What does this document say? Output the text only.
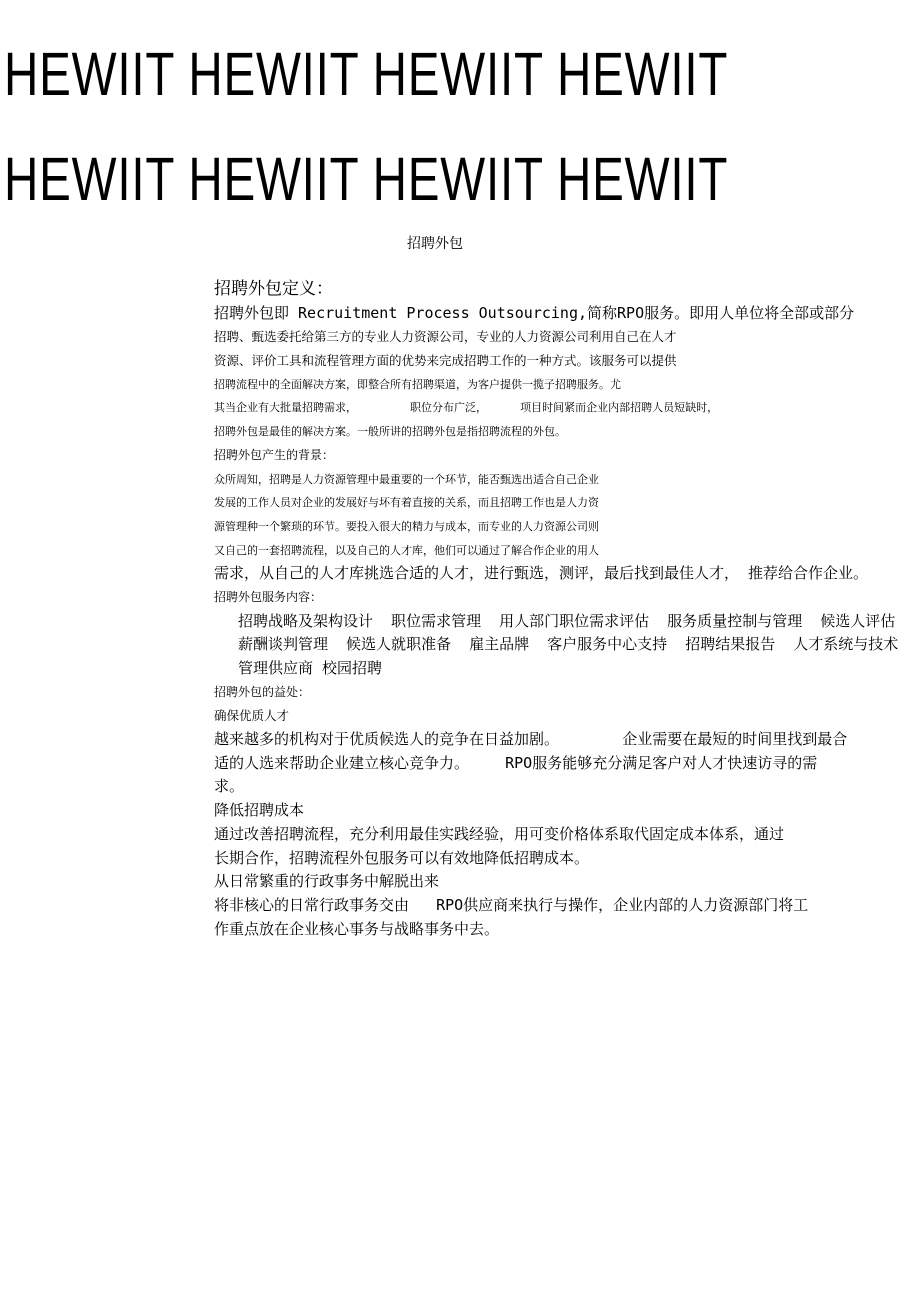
HEWIIT HEWIIT HEWIIT HEWIIT
HEWIIT HEWIIT HEWIIT HEWIIT
招聘外包
招聘外包定义：
招聘外包即 Recruitment Process Outsourcing,简称RPO服务。即用人单位将全部或部分
招聘、甄选委托给第三方的专业人力资源公司，专业的人力资源公司利用自己在人才
资源、评价工具和流程管理方面的优势来完成招聘工作的一种方式。该服务可以提供
招聘流程中的全面解决方案，即整合所有招聘渠道，为客户提供一揽子招聘服务。尤
其当企业有大批量招聘需求，        职位分布广泛，     项目时间紧而企业内部招聘人员短缺时，
招聘外包是最佳的解决方案。一般所讲的招聘外包是指招聘流程的外包。
招聘外包产生的背景：
众所周知，招聘是人力资源管理中最重要的一个环节，能否甄选出适合自己企业
发展的工作人员对企业的发展好与坏有着直接的关系，而且招聘工作也是人力资
源管理种一个繁琐的环节。要投入很大的精力与成本，而专业的人力资源公司则
又自己的一套招聘流程，以及自己的人才库，他们可以通过了解合作企业的用人
需求，从自己的人才库挑选合适的人才，进行甄选，测评，最后找到最佳人才， 推荐给合作企业。
招聘外包服务内容：
招聘战略及架构设计  职位需求管理  用人部门职位需求评估  服务质量控制与管理  候选人评估
薪酬谈判管理  候选人就职准备  雇主品牌  客户服务中心支持  招聘结果报告  人才系统与技术
管理供应商 校园招聘
招聘外包的益处：
确保优质人才
越来越多的机构对于优质候选人的竞争在日益加剧。       企业需要在最短的时间里找到最合
适的人选来帮助企业建立核心竞争力。    RPO服务能够充分满足客户对人才快速访寻的需
求。
降低招聘成本
通过改善招聘流程，充分利用最佳实践经验，用可变价格体系取代固定成本体系，通过
长期合作，招聘流程外包服务可以有效地降低招聘成本。
从日常繁重的行政事务中解脱出来
将非核心的日常行政事务交由   RPO供应商来执行与操作，企业内部的人力资源部门将工
作重点放在企业核心事务与战略事务中去。
